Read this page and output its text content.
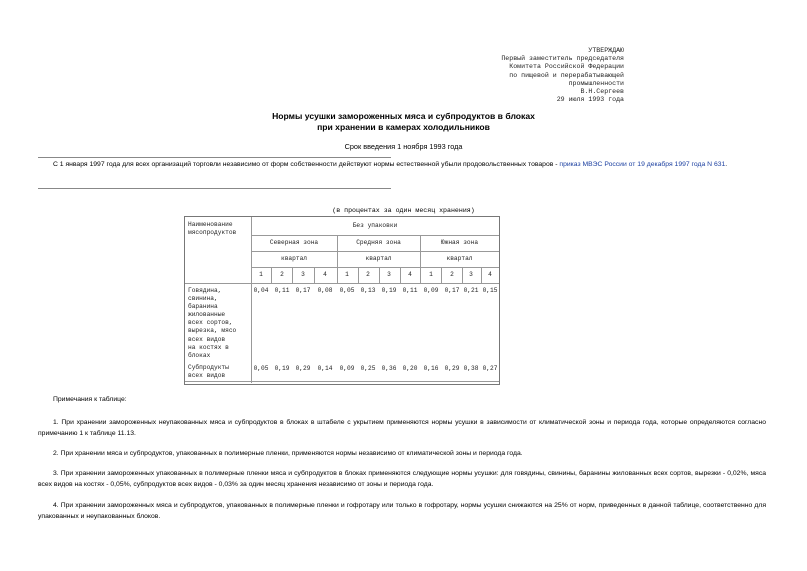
УТВЕРЖДАЮ
Первый заместитель председателя
Комитета Российской Федерации
по пищевой и перерабатывающей
промышленности
В.Н.Сергеев
29 июля 1993 года
Нормы усушки замороженных мяса и субпродуктов в блоках
при хранении в камерах холодильников
Срок введения 1 ноября 1993 года
С 1 января 1997 года для всех организаций торговли независимо от форм собственности действуют нормы естественной убыли продовольственных товаров - приказ МВЭС России от 19 декабря 1997 года N 631.
(в процентах за один месяц хранения)
Наименование мясопродуктов
Без упаковки
Северная зона	Средняя зона	Южная зона
квартал	квартал	квартал
1	2	3	4	1	2	3	4	1	2	3	4
Говядина,
свинина,
баранина
жилованные
всех сортов,
вырезка, мясо
всех видов
на костях в
блоках
0,04 0,11 0,17 0,08 0,05 0,13 0,19 0,11 0,09 0,17 0,21 0,15
Субпродукты
всех видов
0,05 0,19 0,29 0,14 0,09 0,25 0,36 0,20 0,16 0,29 0,38 0,27
Примечания к таблице:
1. При хранении замороженных неупакованных мяса и субпродуктов в блоках в штабеле с укрытием применяются нормы усушки в зависимости от климатической зоны и периода года, которые определяются согласно примечанию 1 к таблице 11.13.
2. При хранении мяса и субпродуктов, упакованных в полимерные пленки, применяются нормы независимо от климатической зоны и периода года.
3. При хранении замороженных упакованных в полимерные пленки мяса и субпродуктов в блоках применяются следующие нормы усушки: для говядины, свинины, баранины жилованных всех сортов, вырезки - 0,02%, мяса всех видов на костях - 0,05%, субпродуктов всех видов - 0,03% за один месяц хранения независимо от зоны и периода года.
4. При хранении замороженных мяса и субпродуктов, упакованных в полимерные пленки и гофротару или только в гофротару, нормы усушки снижаются на 25% от норм, приведенных в данной таблице, соответственно для упакованных и неупакованных блоков.
